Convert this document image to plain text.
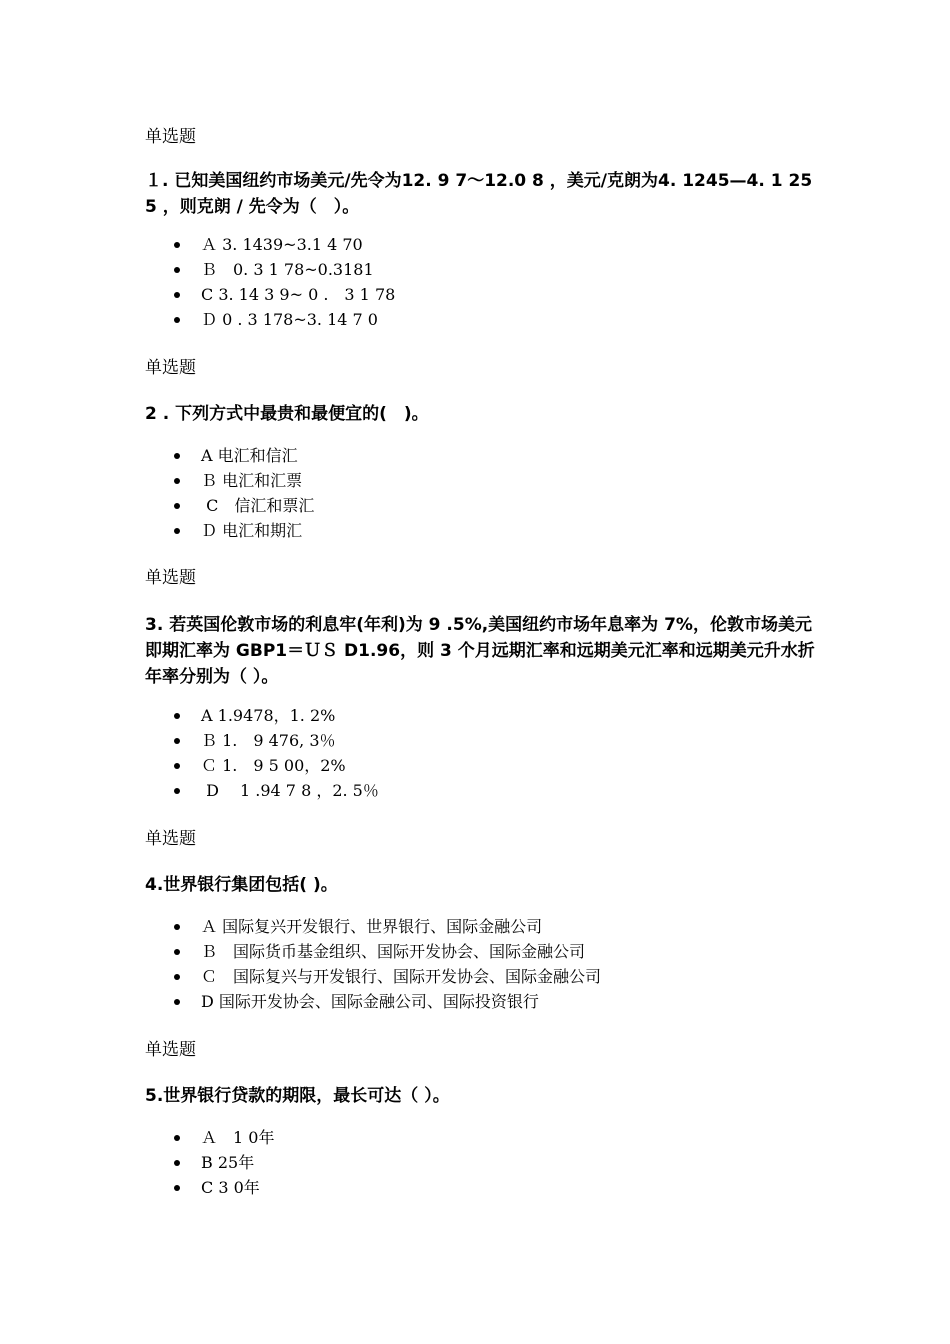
单选题
１. 已知美国纽约市场美元/先令为12. 9 7～12.0 8 ，美元/克朗为4. 1245—4. 1 25 5 ，则克朗 / 先令为（　）。
Ａ 3. 1439~3.1 4 70
Ｂ　0. 3 1 78~0.3181
C 3. 14 3 9~ 0 .　3 1 78
Ｄ 0 . 3 178~3. 14 7 0
单选题
2 . 下列方式中最贵和最便宜的(　)。
A 电汇和信汇
Ｂ 电汇和汇票
C　信汇和票汇
Ｄ 电汇和期汇
单选题
3. 若英国伦敦市场的利息牢(年利)为 9 .5%,美国纽约市场年息率为 7%，伦敦市场美元即期汇率为 GBP1＝ＵＳ D1.96，则 3 个月远期汇率和远期美元汇率和远期美元升水折年率分别为（ ）。
A 1.9478，1. 2%
Ｂ 1.　9 476, 3％
Ｃ 1.　9 5 00，2%
D　 1 .94 7 8 ，2. 5％
单选题
4.世界银行集团包括( )。
Ａ 国际复兴开发银行、世界银行、国际金融公司
Ｂ　国际货币基金组织、国际开发协会、国际金融公司
Ｃ　国际复兴与开发银行、国际开发协会、国际金融公司
D 国际开发协会、国际金融公司、国际投资银行
单选题
5.世界银行贷款的期限，最长可达（ ）。
Ａ　1 0年
B 25年
C 3 0年
